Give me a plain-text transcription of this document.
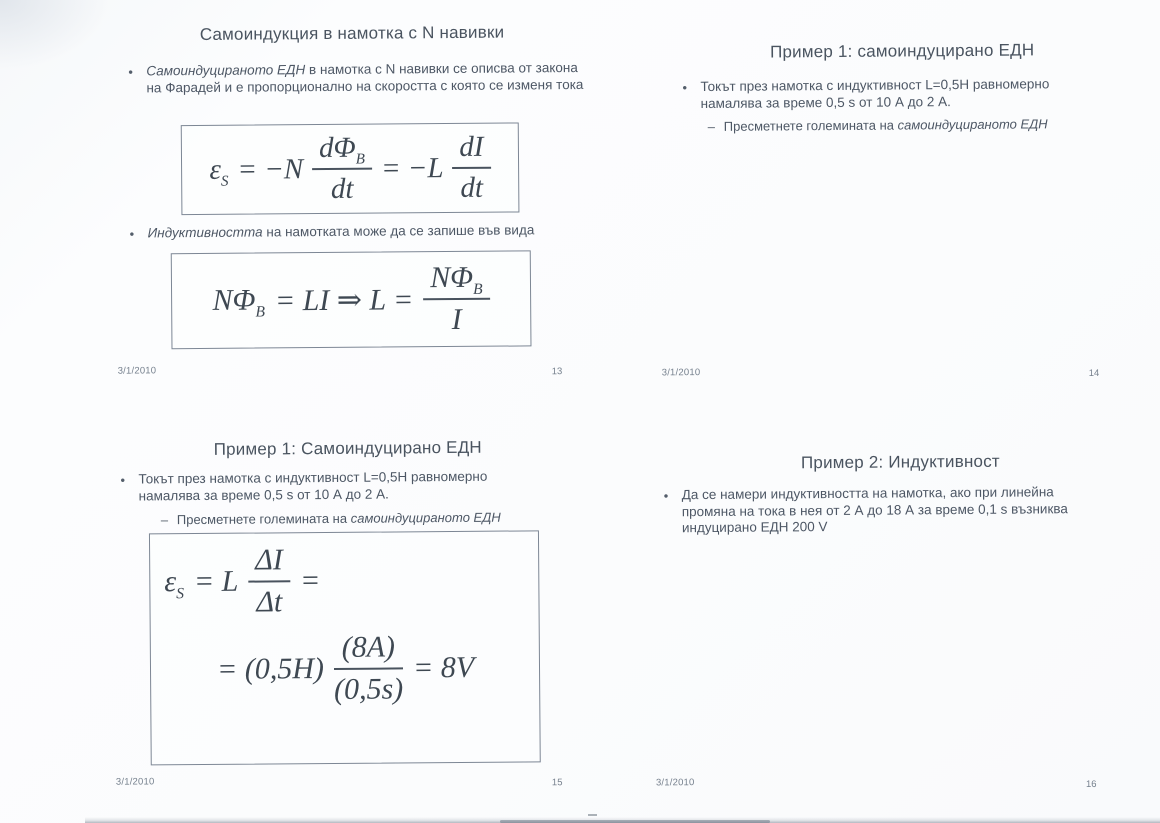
Самоиндукция в намотка с N навивки
• Самоиндуцираното ЕДН в намотка с N навивки се описва от закона на Фарадей и е пропорционално на скоростта с която се изменя тока
$\varepsilon_S = -N \frac{d\Phi_B}{dt} = -L \frac{dI}{dt}$
• Индуктивността на намотката може да се запише във вида
$N\Phi_B$ = LI ⇒ $L = \frac{N\Phi_B}{I}$
3/1/2010	13
Пример 1: самоиндуцирано ЕДН
• Токът през намотка с индуктивност L=0,5H равномерно намалява за време 0,5 s от 10 А до 2 А.
– Пресметнете големината на самоиндуцираното ЕДН
3/1/2010	14
Пример 1: Самоиндуцирано ЕДН
• Токът през намотка с индуктивност L=0,5H равномерно намалява за време 0,5 s от 10 А до 2 А.
– Пресметнете големината на самоиндуцираното ЕДН
$\varepsilon_S = L \frac{\Delta I}{\Delta t}$ =
= $(0,5H) \frac{(8A)}{(0,5s)} = 8V$
3/1/2010	15
Пример 2: Индуктивност
• Да се намери индуктивността на намотка, ако при линейна промяна на тока в нея от 2 А до 18 А за време 0,1 s възниква индуцирано ЕДН 200 V
3/1/2010	16
